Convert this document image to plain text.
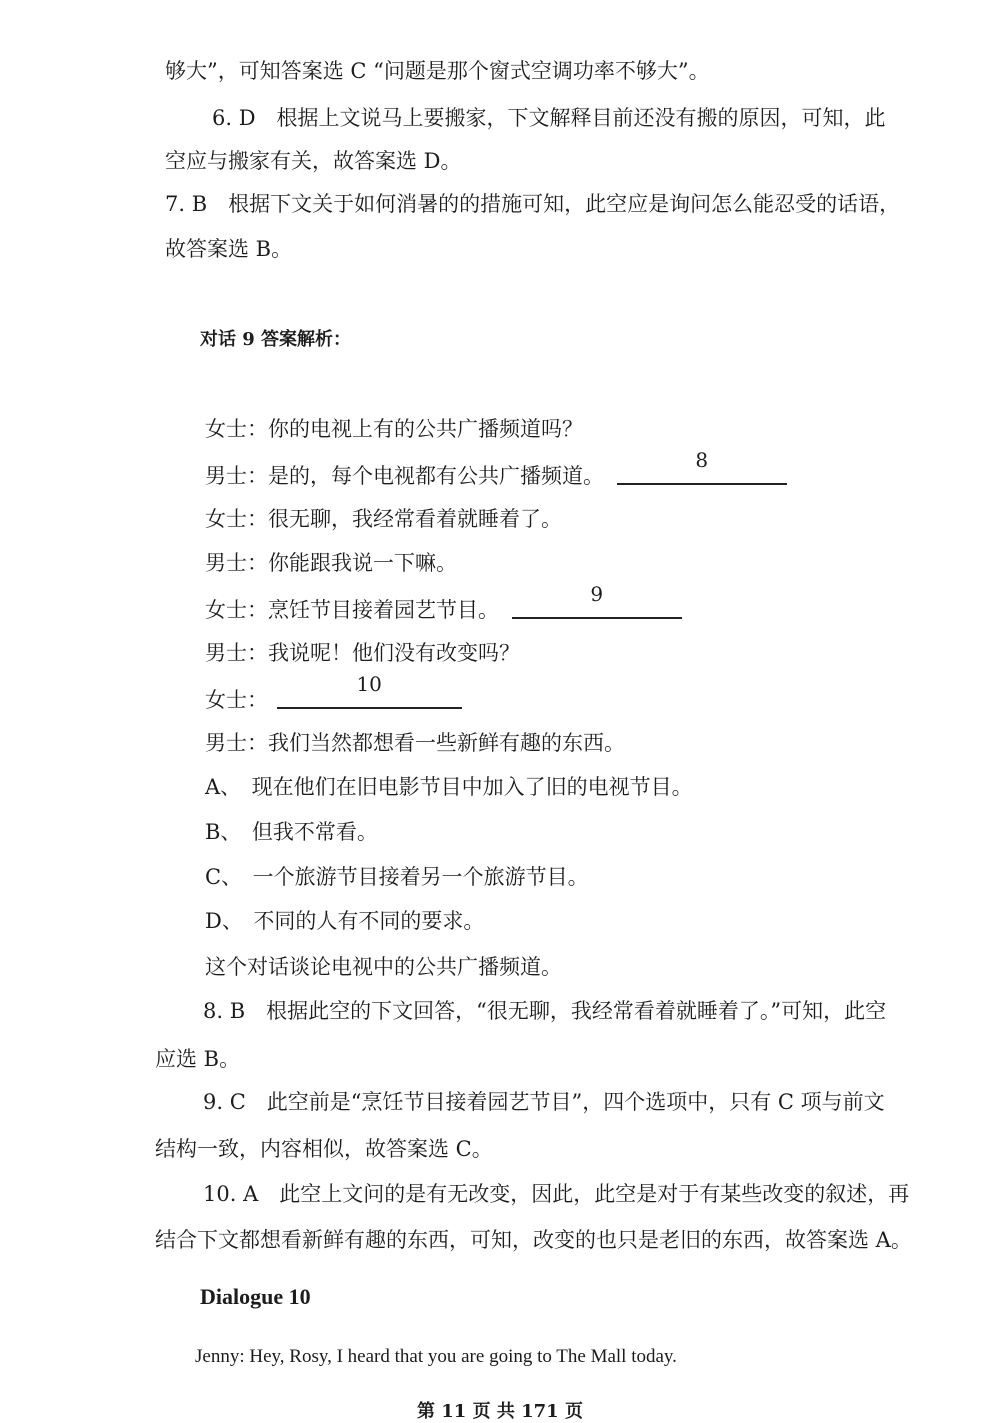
够大”，可知答案选 C “问题是那个窗式空调功率不够大”。
6. D　根据上文说马上要搬家，下文解释目前还没有搬的原因，可知，此
空应与搬家有关，故答案选 D。
7. B　根据下文关于如何消暑的的措施可知，此空应是询问怎么能忍受的话语，
故答案选 B。
对话 9 答案解析：
女士：你的电视上有的公共广播频道吗？
男士：是的，每个电视都有公共广播频道。
8
女士：很无聊，我经常看着就睡着了。
男士：你能跟我说一下嘛。
女士：烹饪节目接着园艺节目。
9
男士：我说呢！他们没有改变吗？
女士：
10
男士：我们当然都想看一些新鲜有趣的东西。
A、　现在他们在旧电影节目中加入了旧的电视节目。
B、　但我不常看。
C、　一个旅游节目接着另一个旅游节目。
D、　不同的人有不同的要求。
这个对话谈论电视中的公共广播频道。
8. B　根据此空的下文回答，“很无聊，我经常看着就睡着了。”可知，此空
应选 B。
9. C　此空前是“烹饪节目接着园艺节目”，四个选项中，只有 C 项与前文
结构一致，内容相似，故答案选 C。
10. A　此空上文问的是有无改变，因此，此空是对于有某些改变的叙述，再
结合下文都想看新鲜有趣的东西，可知，改变的也只是老旧的东西，故答案选 A。
Dialogue 10
Jenny: Hey, Rosy, I heard that you are going to The Mall today.
第 11 页 共 171 页
